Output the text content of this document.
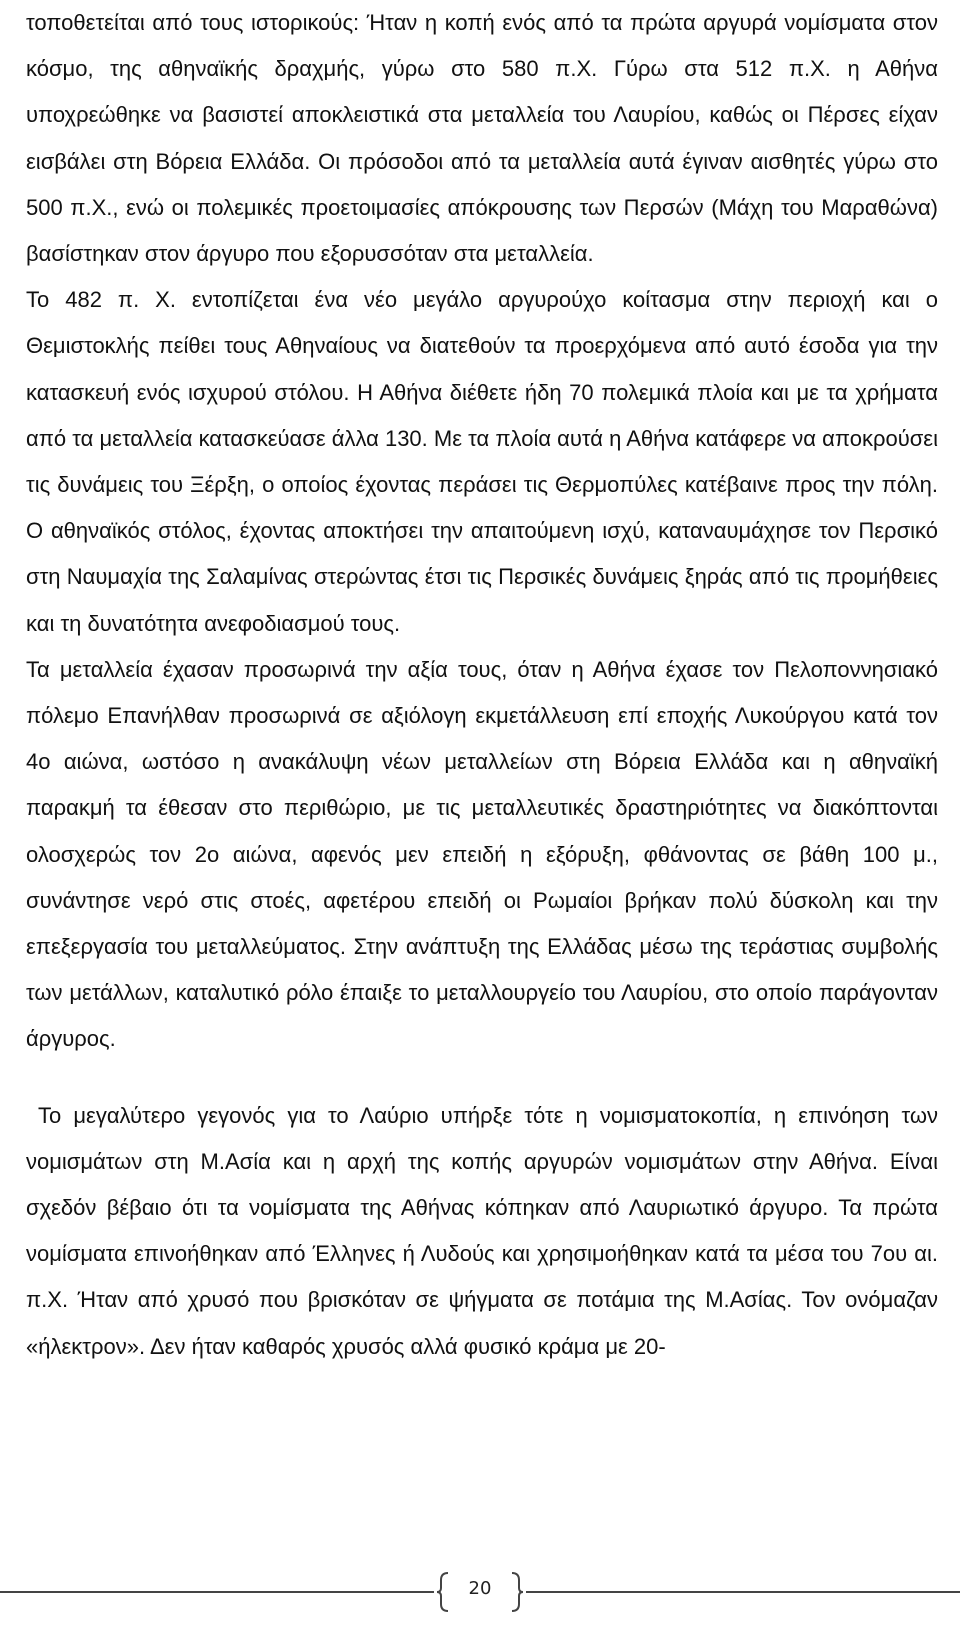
τοποθετείται από τους ιστορικούς: Ήταν η κοπή ενός από τα πρώτα αργυρά νομίσματα στον κόσμο, της αθηναϊκής δραχμής, γύρω στο 580 π.Χ. Γύρω στα 512 π.Χ. η Αθήνα υποχρεώθηκε να βασιστεί αποκλειστικά στα μεταλλεία του Λαυρίου, καθώς οι Πέρσες είχαν εισβάλει στη Βόρεια Ελλάδα. Οι πρόσοδοι από τα μεταλλεία αυτά έγιναν αισθητές γύρω στο 500 π.Χ., ενώ οι πολεμικές προετοιμασίες απόκρουσης των Περσών (Μάχη του Μαραθώνα) βασίστηκαν στον άργυρο που εξορυσσόταν στα μεταλλεία.

Το 482 π. Χ. εντοπίζεται ένα νέο μεγάλο αργυρούχο κοίτασμα στην περιοχή και ο Θεμιστοκλής πείθει τους Αθηναίους να διατεθούν τα προερχόμενα από αυτό έσοδα για την κατασκευή ενός ισχυρού στόλου. Η Αθήνα διέθετε ήδη 70 πολεμικά πλοία και με τα χρήματα από τα μεταλλεία κατασκεύασε άλλα 130. Με τα πλοία αυτά η Αθήνα κατάφερε να αποκρούσει τις δυνάμεις του Ξέρξη, ο οποίος έχοντας περάσει τις Θερμοπύλες κατέβαινε προς την πόλη. Ο αθηναϊκός στόλος, έχοντας αποκτήσει την απαιτούμενη ισχύ, καταναυμάχησε τον Περσικό στη Ναυμαχία της Σαλαμίνας στερώντας έτσι τις Περσικές δυνάμεις ξηράς από τις προμήθειες και τη δυνατότητα ανεφοδιασμού τους.

Τα μεταλλεία έχασαν προσωρινά την αξία τους, όταν η Αθήνα έχασε τον Πελοποννησιακό πόλεμο Επανήλθαν προσωρινά σε αξιόλογη εκμετάλλευση επί εποχής Λυκούργου κατά τον 4ο αιώνα, ωστόσο η ανακάλυψη νέων μεταλλείων στη Βόρεια Ελλάδα και η αθηναϊκή παρακμή τα έθεσαν στο περιθώριο, με τις μεταλλευτικές δραστηριότητες να διακόπτονται ολοσχερώς τον 2ο αιώνα, αφενός μεν επειδή η εξόρυξη, φθάνοντας σε βάθη 100 μ., συνάντησε νερό στις στοές, αφετέρου επειδή οι Ρωμαίοι βρήκαν πολύ δύσκολη και την επεξεργασία του μεταλλεύματος. Στην ανάπτυξη της Ελλάδας μέσω της τεράστιας συμβολής των μετάλλων, καταλυτικό ρόλο έπαιξε το μεταλλουργείο του Λαυρίου, στο οποίο παράγονταν άργυρος.

Το μεγαλύτερο γεγονός για το Λαύριο υπήρξε τότε η νομισματοκοπία, η επινόηση των νομισμάτων στη Μ.Ασία και η αρχή της κοπής αργυρών νομισμάτων στην Αθήνα. Είναι σχεδόν βέβαιο ότι τα νομίσματα της Αθήνας κόπηκαν από Λαυριωτικό άργυρο. Τα πρώτα νομίσματα επινοήθηκαν από Έλληνες ή Λυδούς και χρησιμοήθηκαν κατά τα μέσα του 7ου αι. π.Χ. Ήταν από χρυσό που βρισκόταν σε ψήγματα σε ποτάμια της Μ.Ασίας. Τον ονόμαζαν «ήλεκτρον». Δεν ήταν καθαρός χρυσός αλλά φυσικό κράμα με 20-

20
